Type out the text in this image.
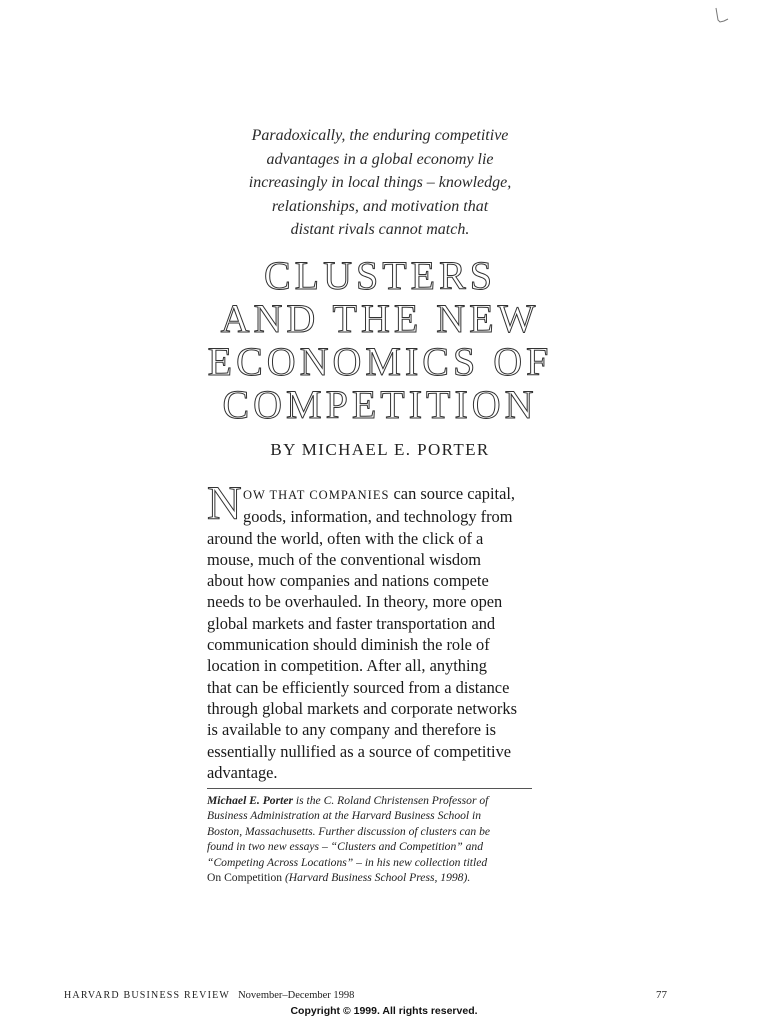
Paradoxically, the enduring competitive
advantages in a global economy lie
increasingly in local things – knowledge,
relationships, and motivation that
distant rivals cannot match.
CLUSTERS
AND THE NEW
ECONOMICS OF
COMPETITION
BY MICHAEL E. PORTER
N OW THAT COMPANIES can source capital,
goods, information, and technology from
around the world, often with the click of a
mouse, much of the conventional wisdom
about how companies and nations compete
needs to be overhauled. In theory, more open
global markets and faster transportation and
communication should diminish the role of
location in competition. After all, anything
that can be efficiently sourced from a distance
through global markets and corporate networks
is available to any company and therefore is
essentially nullified as a source of competitive
advantage.
Michael E. Porter is the C. Roland Christensen Professor of
Business Administration at the Harvard Business School in
Boston, Massachusetts. Further discussion of clusters can be
found in two new essays – “Clusters and Competition” and
“Competing Across Locations” – in his new collection titled
On Competition (Harvard Business School Press, 1998).
HARVARD BUSINESS REVIEW November–December 1998	77
Copyright © 1999. All rights reserved.
